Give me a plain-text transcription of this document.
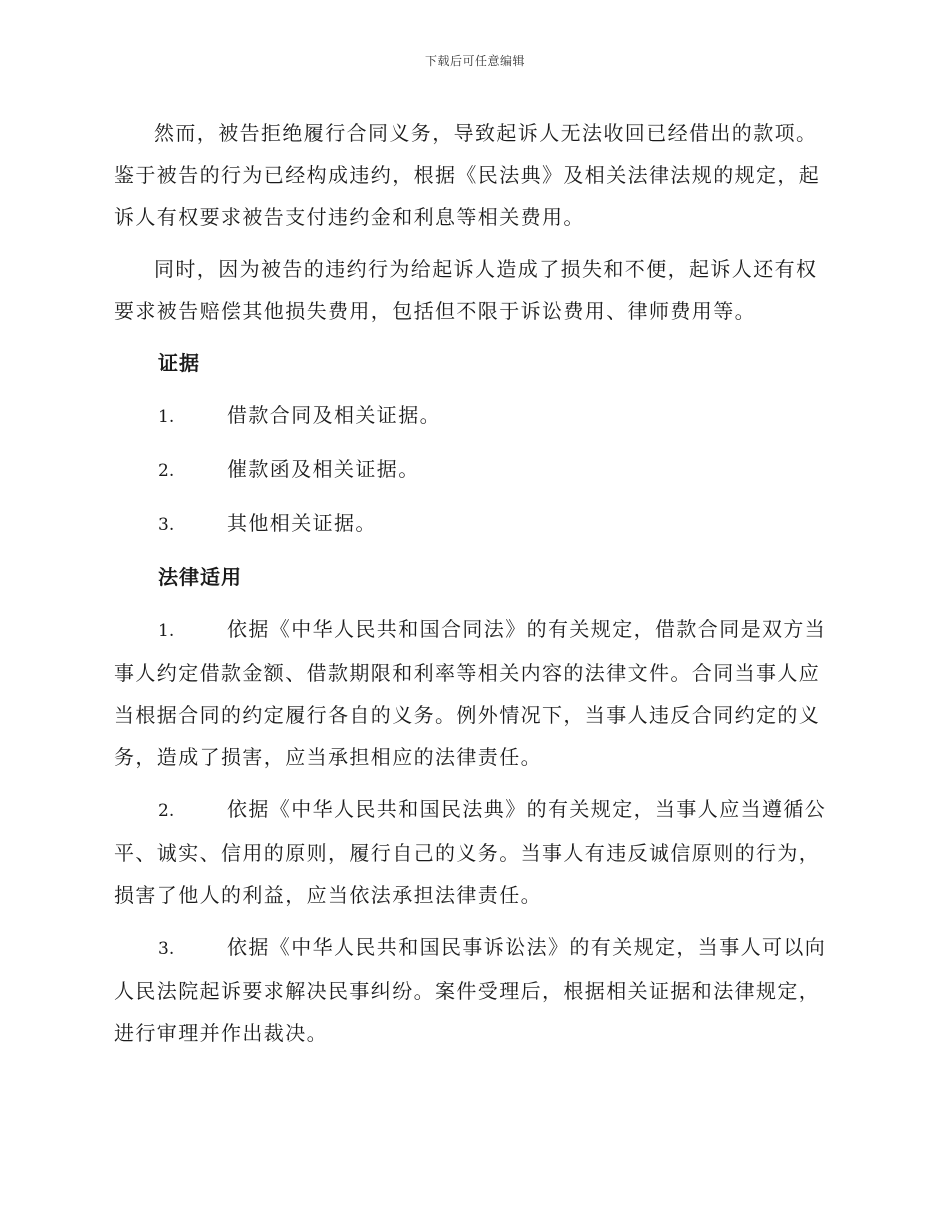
下载后可任意编辑

然而，被告拒绝履行合同义务，导致起诉人无法收回已经借出的款项。鉴于被告的行为已经构成违约，根据《民法典》及相关法律法规的规定，起诉人有权要求被告支付违约金和利息等相关费用。

同时，因为被告的违约行为给起诉人造成了损失和不便，起诉人还有权要求被告赔偿其他损失费用，包括但不限于诉讼费用、律师费用等。

证据
1.	借款合同及相关证据。
2.	催款函及相关证据。
3.	其他相关证据。
法律适用
1.	依据《中华人民共和国合同法》的有关规定，借款合同是双方当事人约定借款金额、借款期限和利率等相关内容的法律文件。合同当事人应当根据合同的约定履行各自的义务。例外情况下，当事人违反合同约定的义务，造成了损害，应当承担相应的法律责任。
2.	依据《中华人民共和国民法典》的有关规定，当事人应当遵循公平、诚实、信用的原则，履行自己的义务。当事人有违反诚信原则的行为，损害了他人的利益，应当依法承担法律责任。
3.	依据《中华人民共和国民事诉讼法》的有关规定，当事人可以向人民法院起诉要求解决民事纠纷。案件受理后，根据相关证据和法律规定，进行审理并作出裁决。
